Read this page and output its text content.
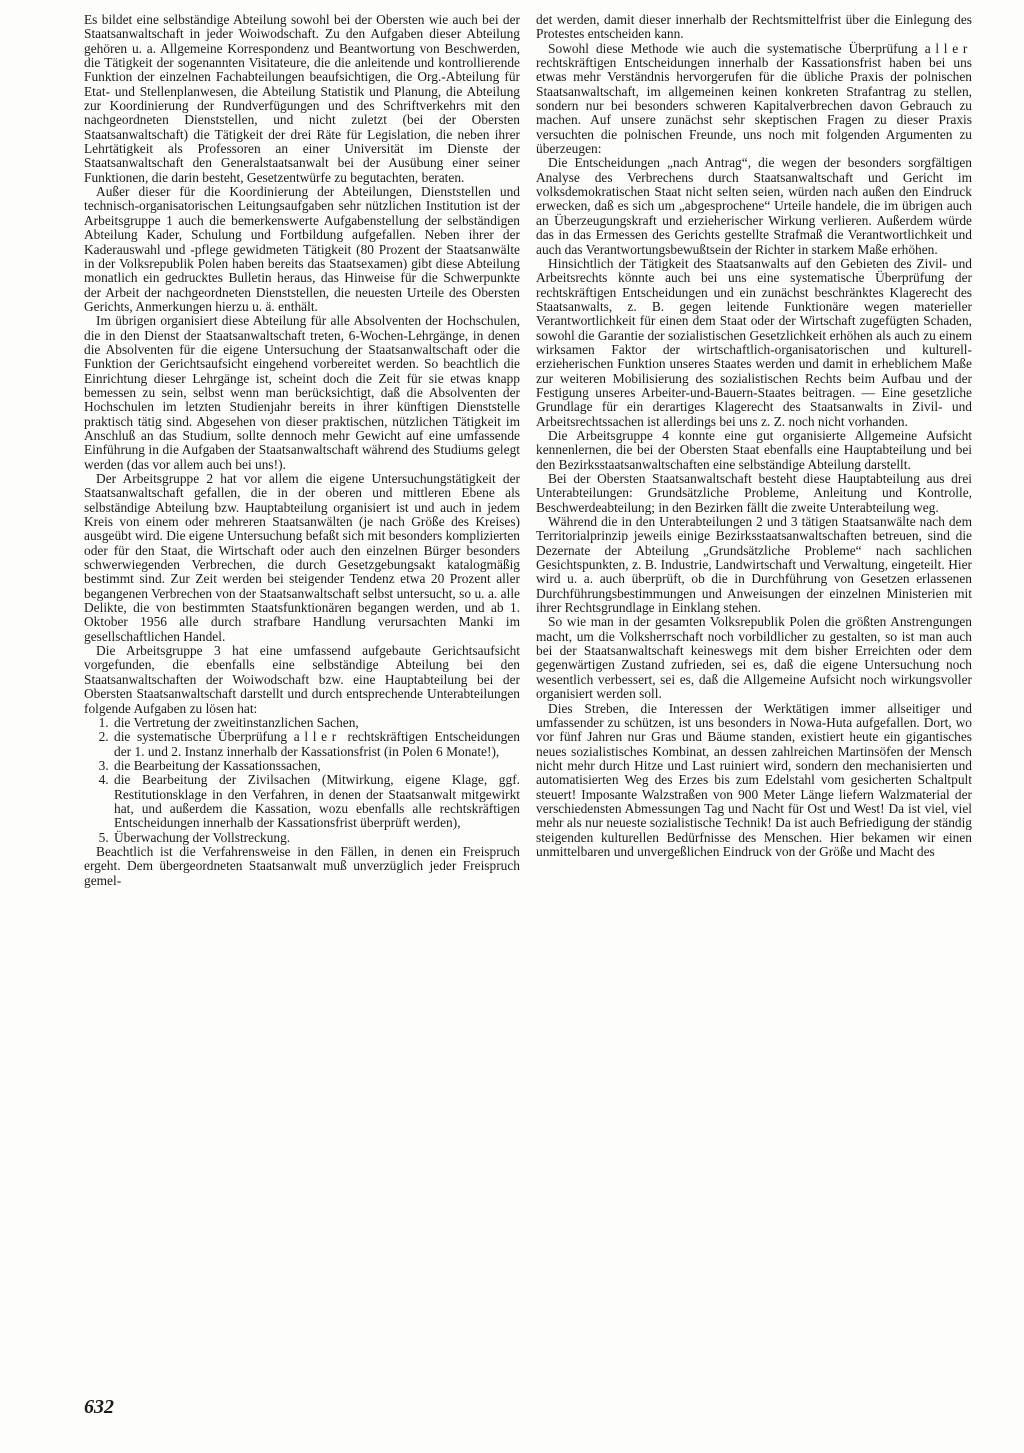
Es bildet eine selbständige Abteilung sowohl bei der Obersten wie auch bei der Staatsanwaltschaft in jeder Woiwodschaft. Zu den Aufgaben dieser Abteilung gehören u. a. Allgemeine Korrespondenz und Beantwortung von Beschwerden, die Tätigkeit der sogenannten Visitateure, die die anleitende und kontrollierende Funktion der einzelnen Fachabteilungen beaufsichtigen, die Org.-Abteilung für Etat- und Stellenplanwesen, die Abteilung Statistik und Planung, die Abteilung zur Koordinierung der Rundverfügungen und des Schriftverkehrs mit den nachgeordneten Dienststellen, und nicht zuletzt (bei der Obersten Staatsanwaltschaft) die Tätigkeit der drei Räte für Legislation, die neben ihrer Lehrtätigkeit als Professoren an einer Universität im Dienste der Staatsanwaltschaft den Generalstaatsanwalt bei der Ausübung einer seiner Funktionen, die darin besteht, Gesetzentwürfe zu begutachten, beraten.

Außer dieser für die Koordinierung der Abteilungen, Dienststellen und technisch-organisatorischen Leitungsaufgaben sehr nützlichen Institution ist der Arbeitsgruppe 1 auch die bemerkenswerte Aufgabenstellung der selbständigen Abteilung Kader, Schulung und Fortbildung aufgefallen. Neben ihrer der Kaderauswahl und -pflege gewidmeten Tätigkeit (80 Prozent der Staatsanwälte in der Volksrepublik Polen haben bereits das Staatsexamen) gibt diese Abteilung monatlich ein gedrucktes Bulletin heraus, das Hinweise für die Schwerpunkte der Arbeit der nachgeordneten Dienststellen, die neuesten Urteile des Obersten Gerichts, Anmerkungen hierzu u. ä. enthält.

Im übrigen organisiert diese Abteilung für alle Absolventen der Hochschulen, die in den Dienst der Staatsanwaltschaft treten, 6-Wochen-Lehrgänge, in denen die Absolventen für die eigene Untersuchung der Staatsanwaltschaft oder die Funktion der Gerichtsaufsicht eingehend vorbereitet werden. So beachtlich die Einrichtung dieser Lehrgänge ist, scheint doch die Zeit für sie etwas knapp bemessen zu sein, selbst wenn man berücksichtigt, daß die Absolventen der Hochschulen im letzten Studienjahr bereits in ihrer künftigen Dienststelle praktisch tätig sind. Abgesehen von dieser praktischen, nützlichen Tätigkeit im Anschluß an das Studium, sollte dennoch mehr Gewicht auf eine umfassende Einführung in die Aufgaben der Staatsanwaltschaft während des Studiums gelegt werden (das vor allem auch bei uns!).

Der Arbeitsgruppe 2 hat vor allem die eigene Untersuchungstätigkeit der Staatsanwaltschaft gefallen, die in der oberen und mittleren Ebene als selbständige Abteilung bzw. Hauptabteilung organisiert ist und auch in jedem Kreis von einem oder mehreren Staatsanwälten (je nach Größe des Kreises) ausgeübt wird. Die eigene Untersuchung befaßt sich mit besonders komplizierten oder für den Staat, die Wirtschaft oder auch den einzelnen Bürger besonders schwerwiegenden Verbrechen, die durch Gesetzgebungsakt katalogmäßig bestimmt sind. Zur Zeit werden bei steigender Tendenz etwa 20 Prozent aller begangenen Verbrechen von der Staatsanwaltschaft selbst untersucht, so u. a. alle Delikte, die von bestimmten Staatsfunktionären begangen werden, und ab 1. Oktober 1956 alle durch strafbare Handlung verursachten Manki im gesellschaftlichen Handel.

Die Arbeitsgruppe 3 hat eine umfassend aufgebaute Gerichtsaufsicht vorgefunden, die ebenfalls eine selbständige Abteilung bei den Staatsanwaltschaften der Woiwodschaft bzw. eine Hauptabteilung bei der Obersten Staatsanwaltschaft darstellt und durch entsprechende Unterabteilungen folgende Aufgaben zu lösen hat:

1. die Vertretung der zweitinstanzlichen Sachen,
2. die systematische Überprüfung aller rechtskräftigen Entscheidungen der 1. und 2. Instanz innerhalb der Kassationsfrist (in Polen 6 Monate!),
3. die Bearbeitung der Kassationssachen,
4. die Bearbeitung der Zivilsachen (Mitwirkung, eigene Klage, ggf. Restitutionsklage in den Verfahren, in denen der Staatsanwalt mitgewirkt hat, und außerdem die Kassation, wozu ebenfalls alle rechtskräftigen Entscheidungen innerhalb der Kassationsfrist überprüft werden),
5. Überwachung der Vollstreckung.

Beachtlich ist die Verfahrensweise in den Fällen, in denen ein Freispruch ergeht. Dem übergeordneten Staatsanwalt muß unverzüglich jeder Freispruch gemel-

det werden, damit dieser innerhalb der Rechtsmittelfrist über die Einlegung des Protestes entscheiden kann.

Sowohl diese Methode wie auch die systematische Überprüfung aller rechtskräftigen Entscheidungen innerhalb der Kassationsfrist haben bei uns etwas mehr Verständnis hervorgerufen für die übliche Praxis der polnischen Staatsanwaltschaft, im allgemeinen keinen konkreten Strafantrag zu stellen, sondern nur bei besonders schweren Kapitalverbrechen davon Gebrauch zu machen. Auf unsere zunächst sehr skeptischen Fragen zu dieser Praxis versuchten die polnischen Freunde, uns noch mit folgenden Argumenten zu überzeugen:

Die Entscheidungen „nach Antrag“, die wegen der besonders sorgfältigen Analyse des Verbrechens durch Staatsanwaltschaft und Gericht im volksdemokratischen Staat nicht selten seien, würden nach außen den Eindruck erwecken, daß es sich um „abgesprochene“ Urteile handele, die im übrigen auch an Überzeugungskraft und erzieherischer Wirkung verlieren. Außerdem würde das in das Ermessen des Gerichts gestellte Strafmaß die Verantwortlichkeit und auch das Verantwortungsbewußtsein der Richter in starkem Maße erhöhen.

Hinsichtlich der Tätigkeit des Staatsanwalts auf den Gebieten des Zivil- und Arbeitsrechts könnte auch bei uns eine systematische Überprüfung der rechtskräftigen Entscheidungen und ein zunächst beschränktes Klagerecht des Staatsanwalts, z. B. gegen leitende Funktionäre wegen materieller Verantwortlichkeit für einen dem Staat oder der Wirtschaft zugefügten Schaden, sowohl die Garantie der sozialistischen Gesetzlichkeit erhöhen als auch zu einem wirksamen Faktor der wirtschaftlich-organisatorischen und kulturell-erzieherischen Funktion unseres Staates werden und damit in erheblichem Maße zur weiteren Mobilisierung des sozialistischen Rechts beim Aufbau und der Festigung unseres Arbeiter-und-Bauern-Staates beitragen. — Eine gesetzliche Grundlage für ein derartiges Klagerecht des Staatsanwalts in Zivil- und Arbeitsrechtssachen ist allerdings bei uns z. Z. noch nicht vorhanden.

Die Arbeitsgruppe 4 konnte eine gut organisierte Allgemeine Aufsicht kennenlernen, die bei der Obersten Staat ebenfalls eine Hauptabteilung und bei den Bezirksstaatsanwaltschaften eine selbständige Abteilung darstellt.

Bei der Obersten Staatsanwaltschaft besteht diese Hauptabteilung aus drei Unterabteilungen: Grundsätzliche Probleme, Anleitung und Kontrolle, Beschwerdeabteilung; in den Bezirken fällt die zweite Unterabteilung weg.

Während die in den Unterabteilungen 2 und 3 tätigen Staatsanwälte nach dem Territorialprinzip jeweils einige Bezirksstaatsanwaltschaften betreuen, sind die Dezernate der Abteilung „Grundsätzliche Probleme“ nach sachlichen Gesichtspunkten, z. B. Industrie, Landwirtschaft und Verwaltung, eingeteilt. Hier wird u. a. auch überprüft, ob die in Durchführung von Gesetzen erlassenen Durchführungsbestimmungen und Anweisungen der einzelnen Ministerien mit ihrer Rechtsgrundlage in Einklang stehen.

So wie man in der gesamten Volksrepublik Polen die größten Anstrengungen macht, um die Volksherrschaft noch vorbildlicher zu gestalten, so ist man auch bei der Staatsanwaltschaft keineswegs mit dem bisher Erreichten oder dem gegenwärtigen Zustand zufrieden, sei es, daß die eigene Untersuchung noch wesentlich verbessert, sei es, daß die Allgemeine Aufsicht noch wirkungsvoller organisiert werden soll.

Dies Streben, die Interessen der Werktätigen immer allseitiger und umfassender zu schützen, ist uns besonders in Nowa-Huta aufgefallen. Dort, wo vor fünf Jahren nur Gras und Bäume standen, existiert heute ein gigantisches neues sozialistisches Kombinat, an dessen zahlreichen Martinsöfen der Mensch nicht mehr durch Hitze und Last ruiniert wird, sondern den mechanisierten und automatisierten Weg des Erzes bis zum Edelstahl vom gesicherten Schaltpult steuert! Imposante Walzstraßen von 900 Meter Länge liefern Walzmaterial der verschiedensten Abmessungen Tag und Nacht für Ost und West! Da ist viel, viel mehr als nur neueste sozialistische Technik! Da ist auch Befriedigung der ständig steigenden kulturellen Bedürfnisse des Menschen. Hier bekamen wir einen unmittelbaren und unvergeßlichen Eindruck von der Größe und Macht des

632
